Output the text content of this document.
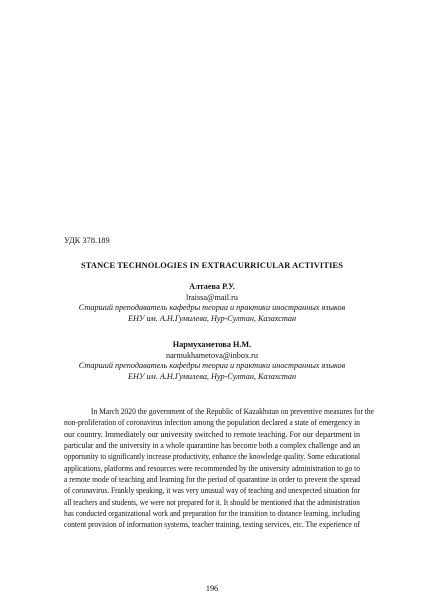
УДК 378.189
STANCE TECHNOLOGIES IN EXTRACURRICULAR ACTIVITIES
Алтаева Р.У.
lraissa@mail.ru
Старший преподаватель кафедры теории и практики иностранных языков
ЕНУ им. А.Н.Гумилева, Нур-Султан, Казахстан
Нармухаметова Н.М.
narmukhametova@inbox.ru
Старший преподаватель кафедры теории и практики иностранных языков
ЕНУ им. А.Н.Гумилева, Нур-Султан, Казахстан
In March 2020 the government of the Republic of Kazakhstan on preventive measures for the
non-proliferation of coronavirus infection among the population declared a state of emergency in
our country. Immediately our university switched to remote teaching. For our department in
particular and the university in a whole quarantine has become both a complex challenge and an
opportunity to significantly increase productivity, enhance the knowledge quality. Some educational
applications, platforms and resources were recommended by the university administration to go to
a remote mode of teaching and learning for the period of quarantine in order to prevent the spread
of coronavirus. Frankly speaking, it was very unusual way of teaching and unexpected situation for
all teachers and students, we were not prepared for it. It should be mentioned that the administration
has conducted organizational work and preparation for the transition to distance learning, including
content provision of information systems, teacher training, testing services, etc. The experience of
196
